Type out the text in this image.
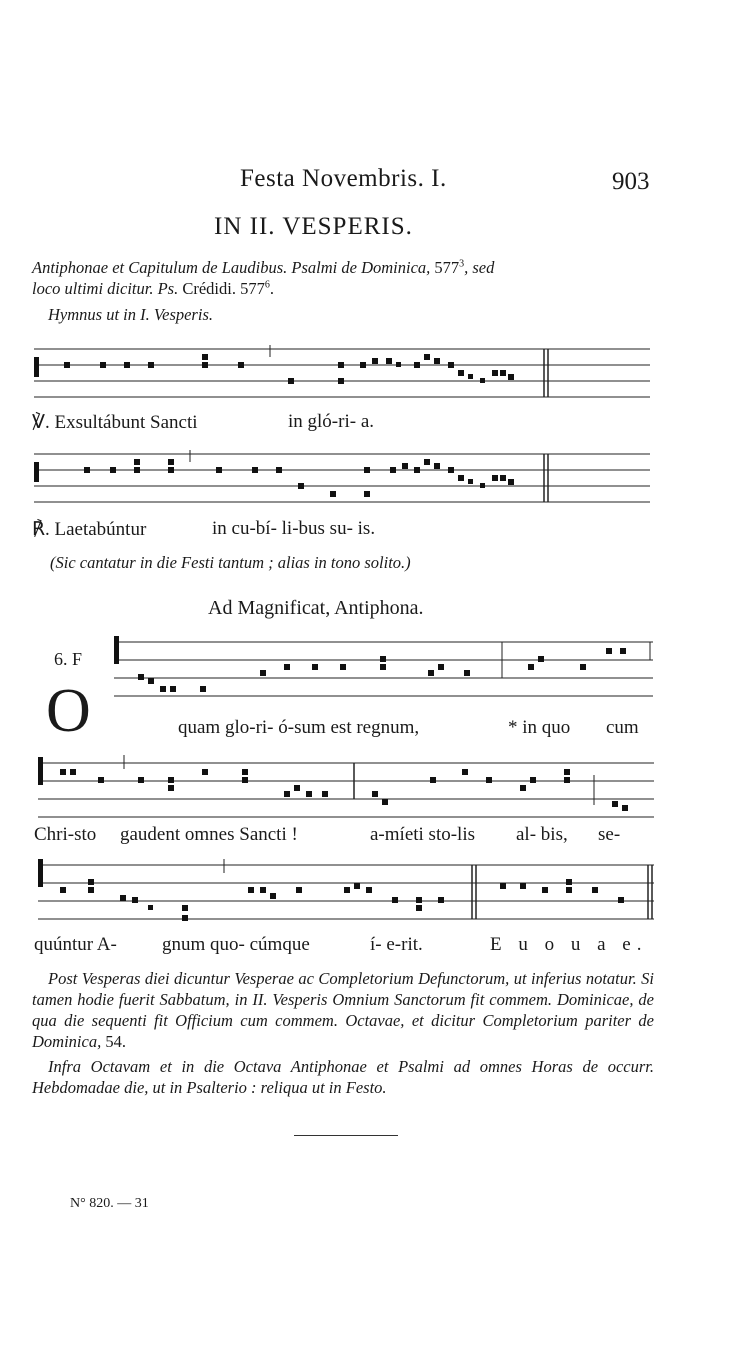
Festa Novembris. I.	903
IN II. VESPERIS.
Antiphonae et Capitulum de Laudibus. Psalmi de Dominica, $577^3$, sed
loco ultimi dicitur. Ps. Crédidi. $577^6$.
Hymnus ut in I. Vesperis.
℣. Exsultábunt Sancti	in gló-ri- a.
℟. Laetabúntur	in cu-bí- li-bus su- is.
(Sic cantatur in die Festi tantum ; alias in tono solito.)
Ad Magnificat, Antiphona.
6. F
O	quam glo-ri- ó-sum est regnum,	* in quo cum
Chri-sto gaudent omnes Sancti !	a-míeti sto-lis al- bis, se-
quúntur A- gnum quo- cúmque	í- e-rit.	E u o u a e.
Post Vesperas diei dicuntur Vesperae ac Completorium Defunctorum, ut inferius notatur. Si tamen hodie fuerit Sabbatum, in II. Vesperis Omnium Sanctorum fit commem. Dominicae, de qua die sequenti fit Officium cum commem. Octavae, et dicitur Completorium pariter de Dominica, 54.
Infra Octavam et in die Octava Antiphonae et Psalmi ad omnes Horas de occurr. Hebdomadae die, ut in Psalterio : reliqua ut in Festo.
N° 820. — 31
